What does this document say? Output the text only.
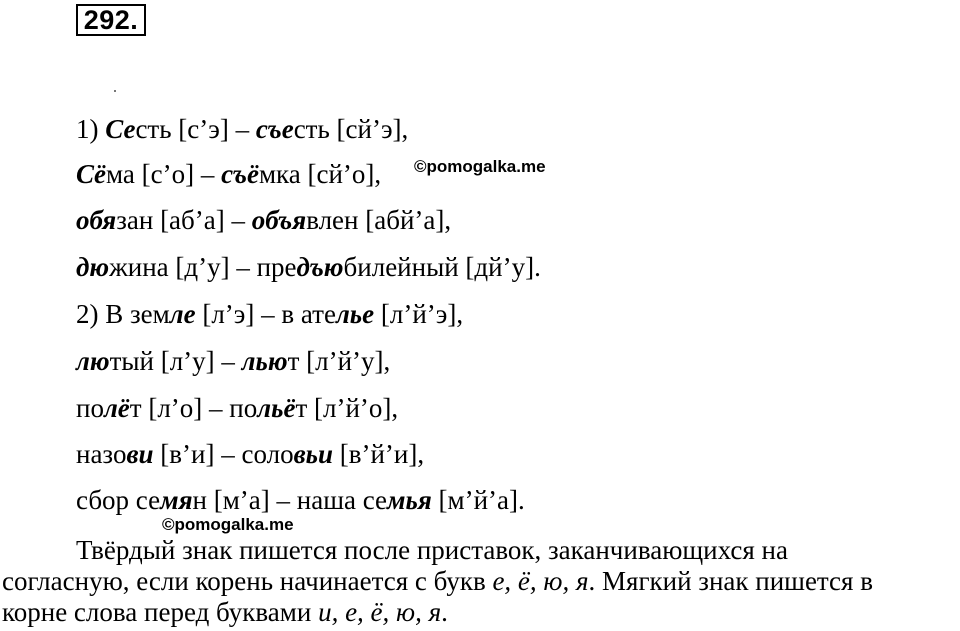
292.
1) Сесть [с’э] – съесть [сй’э],
Сёма [с’о] – съёмка [сй’о],
обязан [аб’а] – объявлен [абй’а],
дюжина [д’у] – предъюбилейный [дй’у].
2) В земле [л’э] – в ателье [л’й’э],
лютый [л’у] – льют [л’й’у],
полёт [л’о] – польёт [л’й’о],
назови [в’и] – соловьи [в’й’и],
сбор семян [м’а] – наша семья [м’й’а].
©pomogalka.me
©pomogalka.me
Твёрдый знак пишется после приставок, заканчивающихся на
согласную, если корень начинается с букв е, ё, ю, я. Мягкий знак пишется в
корне слова перед буквами и, е, ё, ю, я.
